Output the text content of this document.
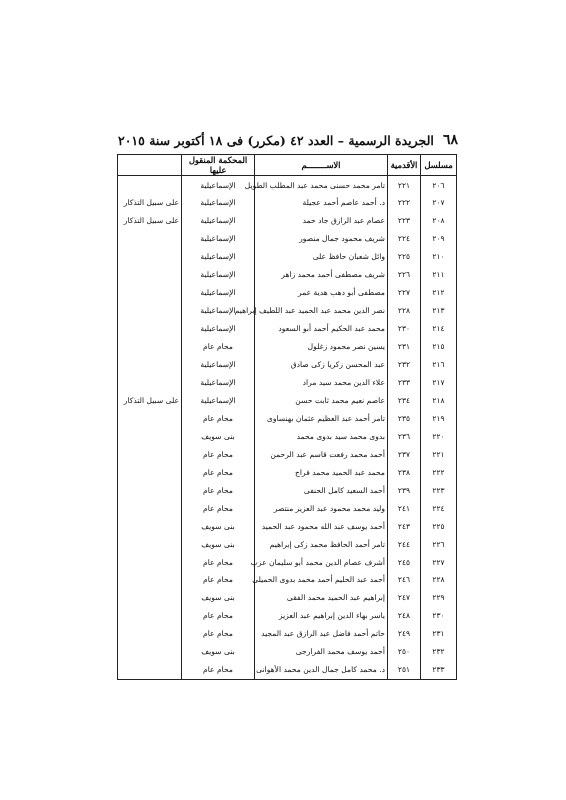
٦٨
الجريدة الرسمية – العدد ٤٢ (مكرر) فى ١٨ أكتوبر سنة ٢٠١٥
مسلسل	الأقدمية	الاســــــــم	المحكمة المنقول عليها	
٢٠٦	٢٢١	تامر محمد حسنى محمد عبد المطلب الطويل	الإسماعيلية	
٢٠٧	٢٢٢	د. أحمد عاصم أحمد عجيلة	الإسماعيلية	على سبيل التذكار
٢٠٨	٢٢٣	عصام عبد الرازق جاد حمد	الإسماعيلية	على سبيل التذكار
٢٠٩	٢٢٤	شريف محمود جمال منصور	الإسماعيلية	
٢١٠	٢٢٥	وائل شعبان حافظ على	الإسماعيلية	
٢١١	٢٢٦	شريف مصطفى أحمد محمد زاهر	الإسماعيلية	
٢١٢	٢٢٧	مصطفى أبو دهب هدية عمر	الإسماعيلية	
٢١٣	٢٢٨	نصر الدين محمد عبد الحميد عبد اللطيف إبراهيم	الإسماعيلية	
٢١٤	٢٣٠	محمد عبد الحكيم أحمد أبو السعود	الإسماعيلية	
٢١٥	٢٣١	يسين نصر محمود زغلول	محام عام	
٢١٦	٢٣٢	عبد المحسن زكريا زكى صادق	الإسماعيلية	
٢١٧	٢٣٣	علاء الدين محمد سيد مراد	الإسماعيلية	
٢١٨	٢٣٤	عاصم نعيم محمد ثابت حسن	الإسماعيلية	على سبيل التذكار
٢١٩	٢٣٥	تامر أحمد عبد العظيم عثمان بهنساوى	محام عام	
٢٢٠	٢٣٦	بدوى محمد سيد بدوى محمد	بنى سويف	
٢٢١	٢٣٧	أحمد محمد رفعت قاسم عبد الرحمن	محام عام	
٢٢٢	٢٣٨	محمد عبد الحميد محمد فراج	محام عام	
٢٢٣	٢٣٩	أحمد السعيد كامل الحنفى	محام عام	
٢٢٤	٢٤١	وليد محمد محمود عبد العزيز منتصر	محام عام	
٢٢٥	٢٤٣	أحمد يوسف عبد الله محمود عبد الحميد	بنى سويف	
٢٢٦	٢٤٤	تامر أحمد الحافظ محمد زكى إبراهيم	بنى سويف	
٢٢٧	٢٤٥	أشرف عصام الدين محمد أبو سليمان عزب	محام عام	
٢٢٨	٢٤٦	أحمد عبد الحليم أحمد محمد بدوى الحميلى	محام عام	
٢٢٩	٢٤٧	إبراهيم عبد الحميد محمد الفقى	بنى سويف	
٢٣٠	٢٤٨	ياسر بهاء الدين إبراهيم عبد العزيز	محام عام	
٢٣١	٢٤٩	حاتم أحمد فاضل عبد الرازق عبد المجيد	محام عام	
٢٣٢	٢٥٠	أحمد يوسف محمد الفرارجى	بنى سويف	
٢٣٣	٢٥١	د. محمد كامل جمال الدين محمد الأهوانى	محام عام	
